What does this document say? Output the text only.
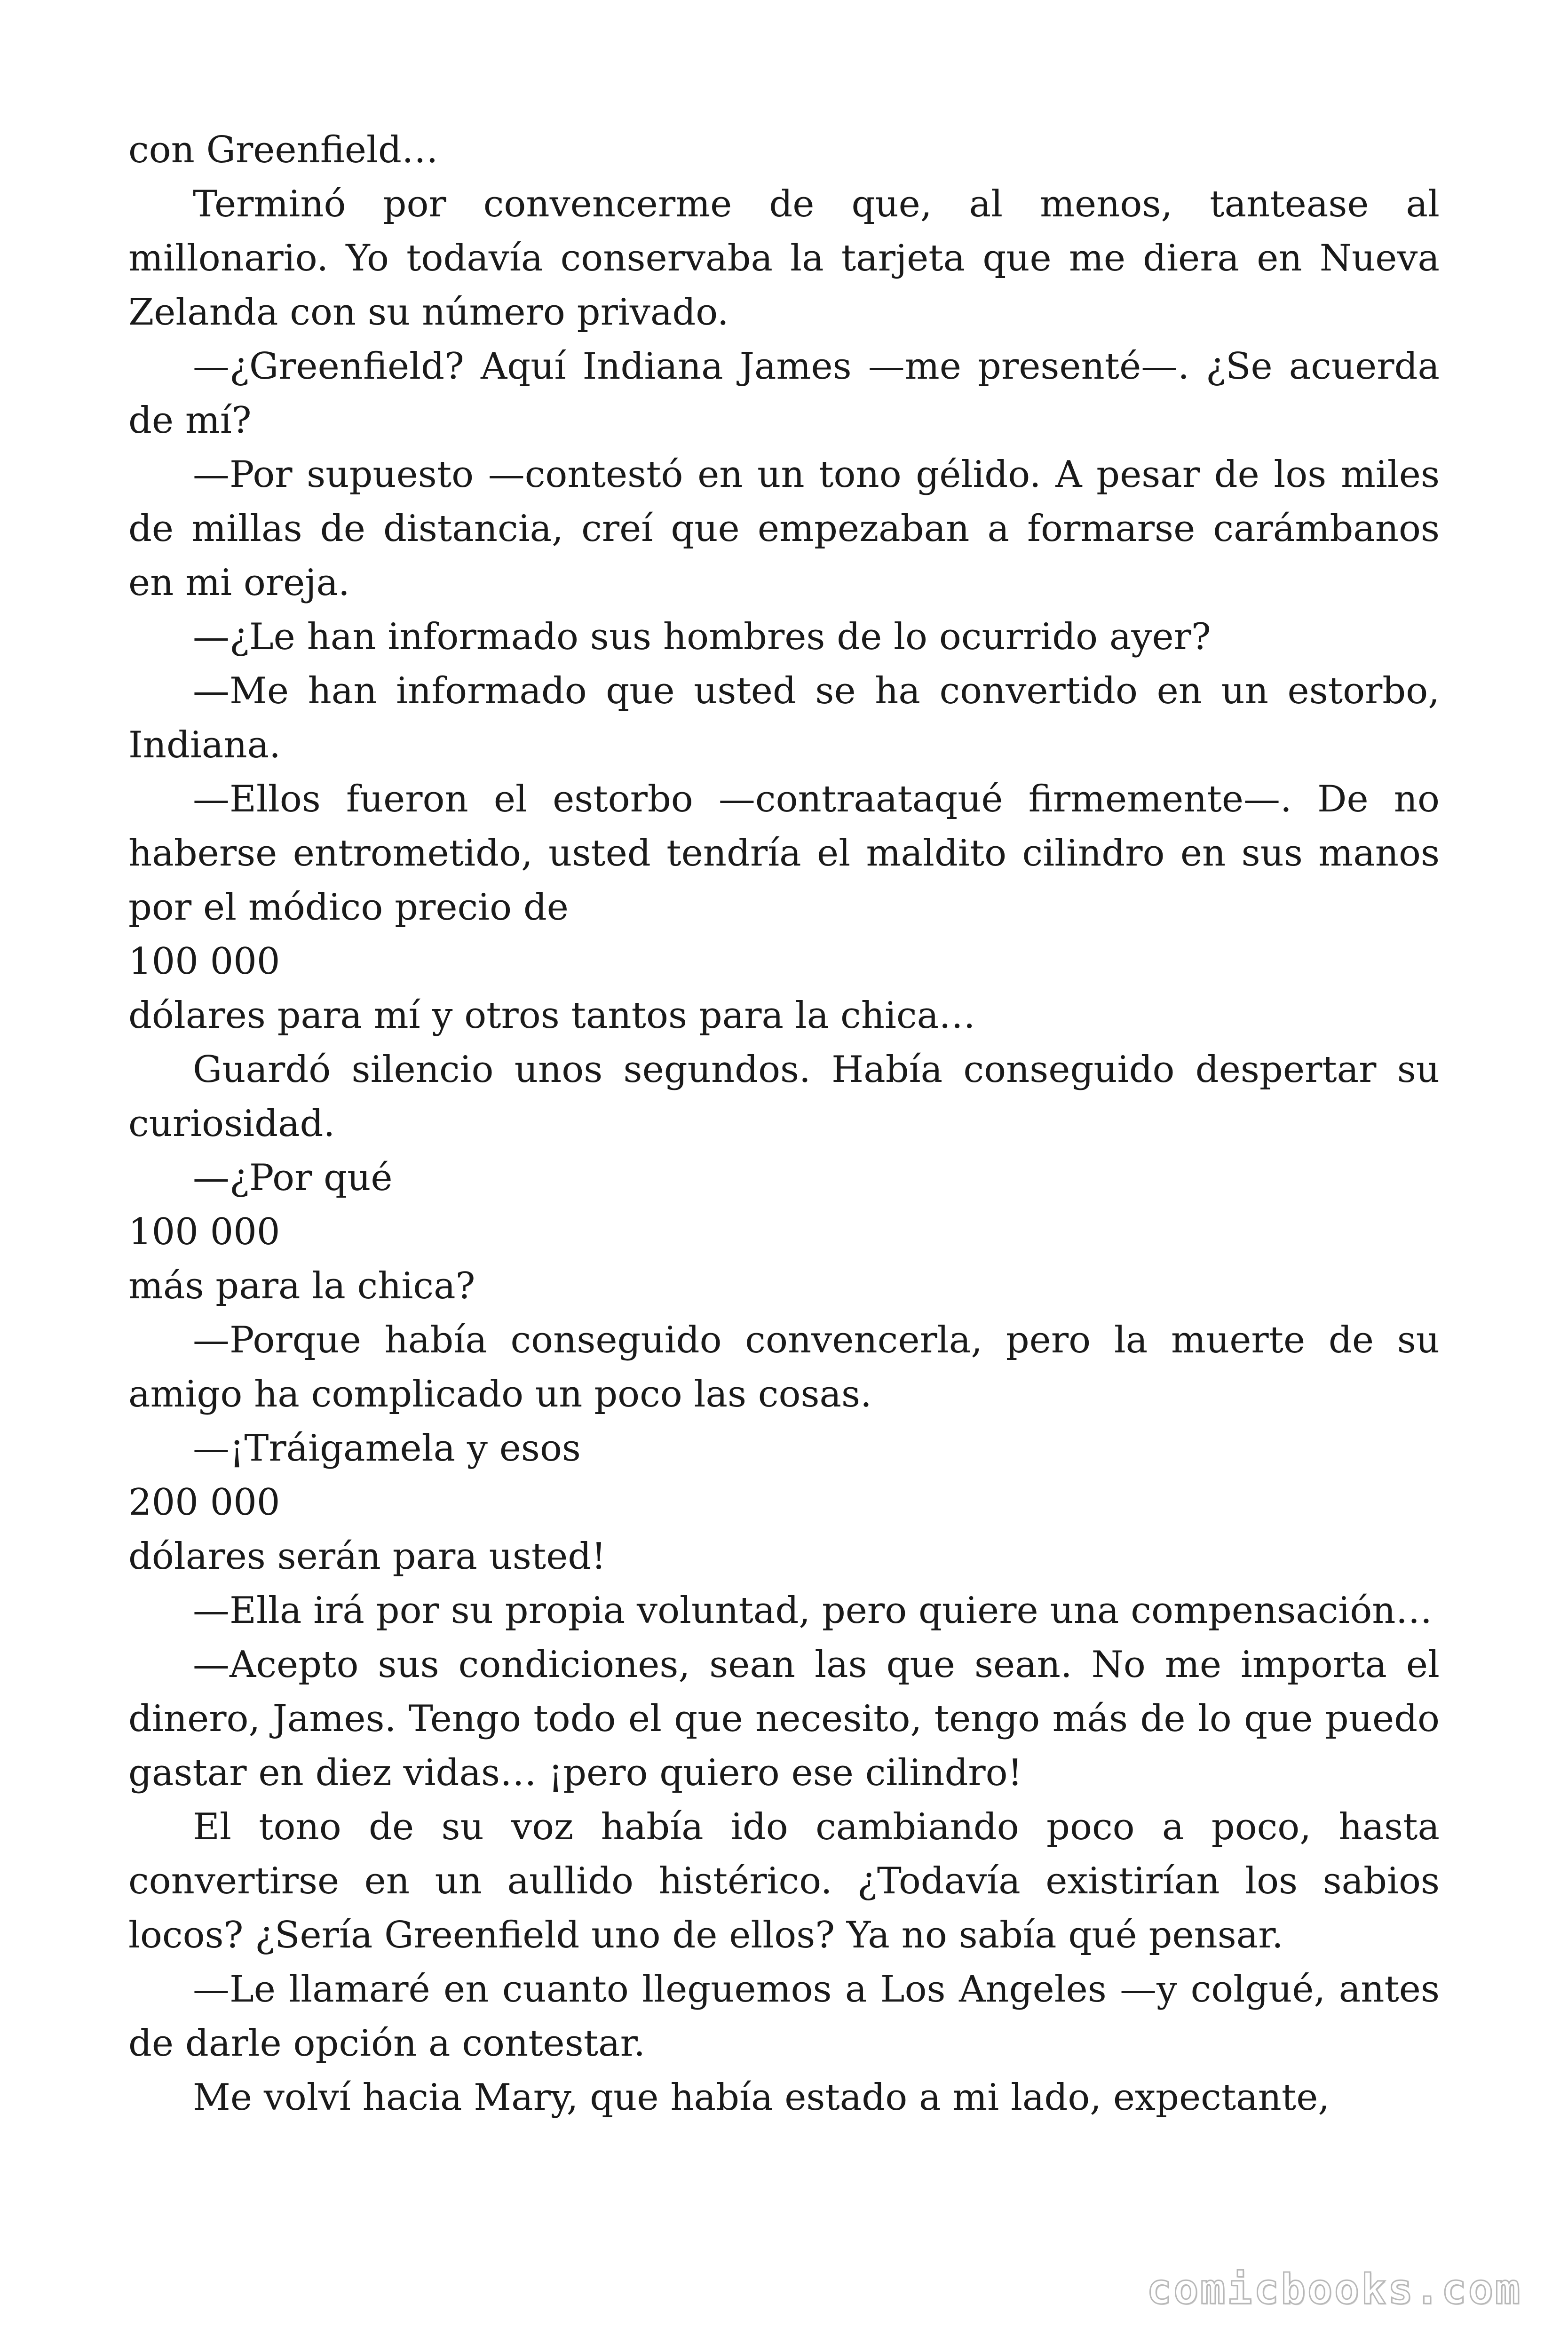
con Greenfield…

Terminó por convencerme de que, al menos, tantease al millonario. Yo todavía conservaba la tarjeta que me diera en Nueva Zelanda con su número privado.

—¿Greenfield? Aquí Indiana James —me presenté—. ¿Se acuerda de mí?

—Por supuesto —contestó en un tono gélido. A pesar de los miles de millas de distancia, creí que empezaban a formarse carámbanos en mi oreja.

—¿Le han informado sus hombres de lo ocurrido ayer?

—Me han informado que usted se ha convertido en un estorbo, Indiana.

—Ellos fueron el estorbo —contraataqué firmemente—. De no haberse entrometido, usted tendría el maldito cilindro en sus manos por el módico precio de

100 000

dólares para mí y otros tantos para la chica…

Guardó silencio unos segundos. Había conseguido despertar su curiosidad.

—¿Por qué

100 000

más para la chica?

—Porque había conseguido convencerla, pero la muerte de su amigo ha complicado un poco las cosas.

—¡Tráigamela y esos

200 000

dólares serán para usted!

—Ella irá por su propia voluntad, pero quiere una compensación…

—Acepto sus condiciones, sean las que sean. No me importa el dinero, James. Tengo todo el que necesito, tengo más de lo que puedo gastar en diez vidas… ¡pero quiero ese cilindro!

El tono de su voz había ido cambiando poco a poco, hasta convertirse en un aullido histérico. ¿Todavía existirían los sabios locos? ¿Sería Greenfield uno de ellos? Ya no sabía qué pensar.

—Le llamaré en cuanto lleguemos a Los Angeles —y colgué, antes de darle opción a contestar.

Me volví hacia Mary, que había estado a mi lado, expectante,

comicbooks.com
